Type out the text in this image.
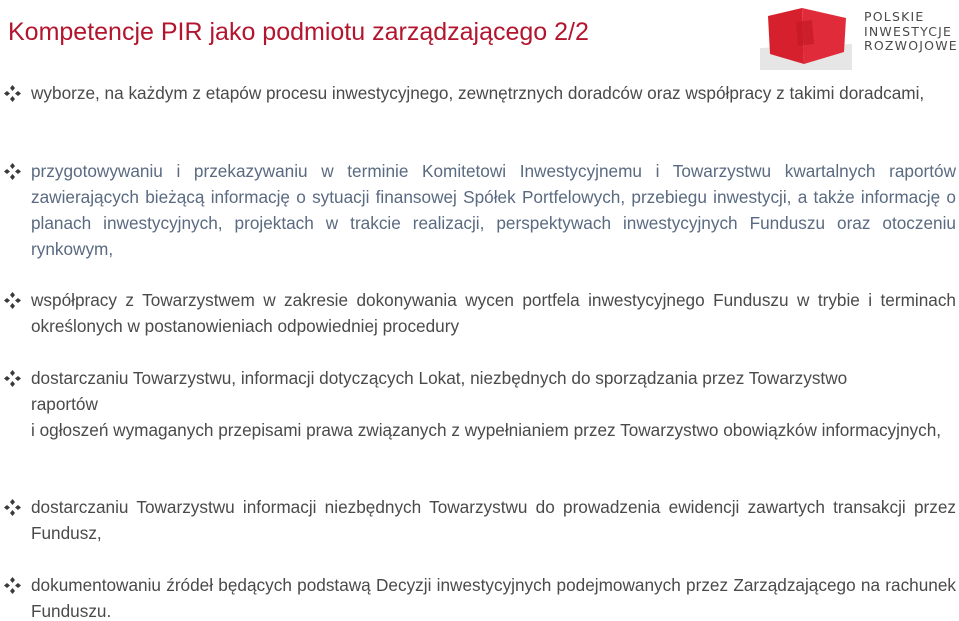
Kompetencje PIR jako podmiotu zarządzającego 2/2
POLSKIE
INWESTYCJE
ROZWOJOWE

wyborze, na każdym z etapów procesu inwestycyjnego, zewnętrznych doradców oraz współpracy z takimi doradcami,

przygotowywaniu i przekazywaniu w terminie Komitetowi Inwestycyjnemu i Towarzystwu kwartalnych raportów zawierających bieżącą informację o sytuacji finansowej Spółek Portfelowych, przebiegu inwestycji, a także informację o planach inwestycyjnych, projektach w trakcie realizacji, perspektywach inwestycyjnych Funduszu oraz otoczeniu rynkowym,

współpracy z Towarzystwem w zakresie dokonywania wycen portfela inwestycyjnego Funduszu w trybie i terminach określonych w postanowieniach odpowiedniej procedury

dostarczaniu Towarzystwu, informacji dotyczących Lokat, niezbędnych do sporządzania przez Towarzystwo
raportów
i ogłoszeń wymaganych przepisami prawa związanych z wypełnianiem przez Towarzystwo obowiązków informacyjnych,

dostarczaniu Towarzystwu informacji niezbędnych Towarzystwu do prowadzenia ewidencji zawartych transakcji przez Fundusz,

dokumentowaniu źródeł będących podstawą Decyzji inwestycyjnych podejmowanych przez Zarządzającego na rachunek Funduszu.
